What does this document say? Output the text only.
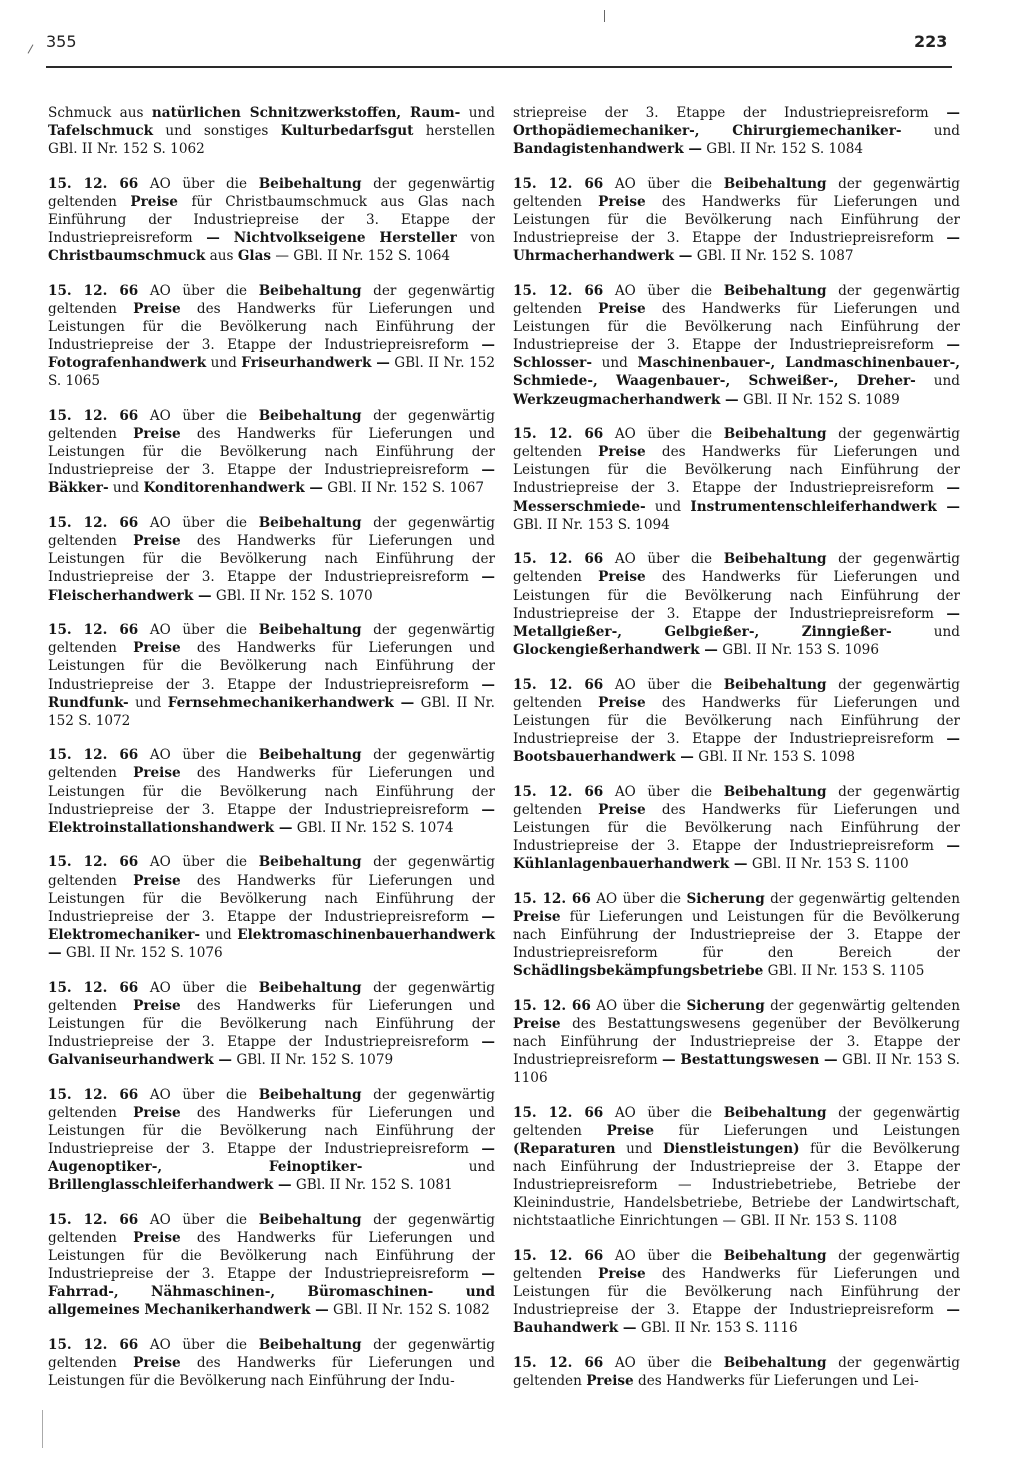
355	223

Schmuck aus natürlichen Schnitzwerkstoffen, Raum- und Tafelschmuck und sonstiges Kulturbedarfsgut herstellen GBl. II Nr. 152 S. 1062

15. 12. 66 AO über die Beibehaltung der gegenwärtig geltenden Preise für Christbaumschmuck aus Glas nach Einführung der Industriepreise der 3. Etappe der Industriepreisreform — Nichtvolkseigene Hersteller von Christbaumschmuck aus Glas — GBl. II Nr. 152 S. 1064

15. 12. 66 AO über die Beibehaltung der gegenwärtig geltenden Preise des Handwerks für Lieferungen und Leistungen für die Bevölkerung nach Einführung der Industriepreise der 3. Etappe der Industriepreisreform — Fotografenhandwerk und Friseurhandwerk — GBl. II Nr. 152 S. 1065

15. 12. 66 AO über die Beibehaltung der gegenwärtig geltenden Preise des Handwerks für Lieferungen und Leistungen für die Bevölkerung nach Einführung der Industriepreise der 3. Etappe der Industriepreisreform — Bäkker- und Konditorenhandwerk — GBl. II Nr. 152 S. 1067

15. 12. 66 AO über die Beibehaltung der gegenwärtig geltenden Preise des Handwerks für Lieferungen und Leistungen für die Bevölkerung nach Einführung der Industriepreise der 3. Etappe der Industriepreisreform — Fleischerhandwerk — GBl. II Nr. 152 S. 1070

15. 12. 66 AO über die Beibehaltung der gegenwärtig geltenden Preise des Handwerks für Lieferungen und Leistungen für die Bevölkerung nach Einführung der Industriepreise der 3. Etappe der Industriepreisreform — Rundfunk- und Fernsehmechanikerhandwerk — GBl. II Nr. 152 S. 1072

15. 12. 66 AO über die Beibehaltung der gegenwärtig geltenden Preise des Handwerks für Lieferungen und Leistungen für die Bevölkerung nach Einführung der Industriepreise der 3. Etappe der Industriepreisreform — Elektroinstallationshandwerk — GBl. II Nr. 152 S. 1074

15. 12. 66 AO über die Beibehaltung der gegenwärtig geltenden Preise des Handwerks für Lieferungen und Leistungen für die Bevölkerung nach Einführung der Industriepreise der 3. Etappe der Industriepreisreform — Elektromechaniker- und Elektromaschinenbauerhandwerk — GBl. II Nr. 152 S. 1076

15. 12. 66 AO über die Beibehaltung der gegenwärtig geltenden Preise des Handwerks für Lieferungen und Leistungen für die Bevölkerung nach Einführung der Industriepreise der 3. Etappe der Industriepreisreform — Galvaniseurhandwerk — GBl. II Nr. 152 S. 1079

15. 12. 66 AO über die Beibehaltung der gegenwärtig geltenden Preise des Handwerks für Lieferungen und Leistungen für die Bevölkerung nach Einführung der Industriepreise der 3. Etappe der Industriepreisreform — Augenoptiker-, Feinoptiker- und Brillenglasschleiferhandwerk — GBl. II Nr. 152 S. 1081

15. 12. 66 AO über die Beibehaltung der gegenwärtig geltenden Preise des Handwerks für Lieferungen und Leistungen für die Bevölkerung nach Einführung der Industriepreise der 3. Etappe der Industriepreisreform — Fahrrad-, Nähmaschinen-, Büromaschinen- und allgemeines Mechanikerhandwerk — GBl. II Nr. 152 S. 1082

15. 12. 66 AO über die Beibehaltung der gegenwärtig geltenden Preise des Handwerks für Lieferungen und Leistungen für die Bevölkerung nach Einführung der Indu-

striepreise der 3. Etappe der Industriepreisreform — Orthopädiemechaniker-, Chirurgiemechaniker- und Bandagistenhandwerk — GBl. II Nr. 152 S. 1084

15. 12. 66 AO über die Beibehaltung der gegenwärtig geltenden Preise des Handwerks für Lieferungen und Leistungen für die Bevölkerung nach Einführung der Industriepreise der 3. Etappe der Industriepreisreform — Uhrmacherhandwerk — GBl. II Nr. 152 S. 1087

15. 12. 66 AO über die Beibehaltung der gegenwärtig geltenden Preise des Handwerks für Lieferungen und Leistungen für die Bevölkerung nach Einführung der Industriepreise der 3. Etappe der Industriepreisreform — Schlosser- und Maschinenbauer-, Landmaschinenbauer-, Schmiede-, Waagenbauer-, Schweißer-, Dreher- und Werkzeugmacherhandwerk — GBl. II Nr. 152 S. 1089

15. 12. 66 AO über die Beibehaltung der gegenwärtig geltenden Preise des Handwerks für Lieferungen und Leistungen für die Bevölkerung nach Einführung der Industriepreise der 3. Etappe der Industriepreisreform — Messerschmiede- und Instrumentenschleiferhandwerk — GBl. II Nr. 153 S. 1094

15. 12. 66 AO über die Beibehaltung der gegenwärtig geltenden Preise des Handwerks für Lieferungen und Leistungen für die Bevölkerung nach Einführung der Industriepreise der 3. Etappe der Industriepreisreform — Metallgießer-, Gelbgießer-, Zinngießer- und Glockengießerhandwerk — GBl. II Nr. 153 S. 1096

15. 12. 66 AO über die Beibehaltung der gegenwärtig geltenden Preise des Handwerks für Lieferungen und Leistungen für die Bevölkerung nach Einführung der Industriepreise der 3. Etappe der Industriepreisreform — Bootsbauerhandwerk — GBl. II Nr. 153 S. 1098

15. 12. 66 AO über die Beibehaltung der gegenwärtig geltenden Preise des Handwerks für Lieferungen und Leistungen für die Bevölkerung nach Einführung der Industriepreise der 3. Etappe der Industriepreisreform — Kühlanlagenbauerhandwerk — GBl. II Nr. 153 S. 1100

15. 12. 66 AO über die Sicherung der gegenwärtig geltenden Preise für Lieferungen und Leistungen für die Bevölkerung nach Einführung der Industriepreise der 3. Etappe der Industriepreisreform für den Bereich der Schädlingsbekämpfungsbetriebe GBl. II Nr. 153 S. 1105

15. 12. 66 AO über die Sicherung der gegenwärtig geltenden Preise des Bestattungswesens gegenüber der Bevölkerung nach Einführung der Industriepreise der 3. Etappe der Industriepreisreform — Bestattungswesen — GBl. II Nr. 153 S. 1106

15. 12. 66 AO über die Beibehaltung der gegenwärtig geltenden Preise für Lieferungen und Leistungen (Reparaturen und Dienstleistungen) für die Bevölkerung nach Einführung der Industriepreise der 3. Etappe der Industriepreisreform — Industriebetriebe, Betriebe der Kleinindustrie, Handelsbetriebe, Betriebe der Landwirtschaft, nichtstaatliche Einrichtungen — GBl. II Nr. 153 S. 1108

15. 12. 66 AO über die Beibehaltung der gegenwärtig geltenden Preise des Handwerks für Lieferungen und Leistungen für die Bevölkerung nach Einführung der Industriepreise der 3. Etappe der Industriepreisreform — Bauhandwerk — GBl. II Nr. 153 S. 1116

15. 12. 66 AO über die Beibehaltung der gegenwärtig geltenden Preise des Handwerks für Lieferungen und Lei-
